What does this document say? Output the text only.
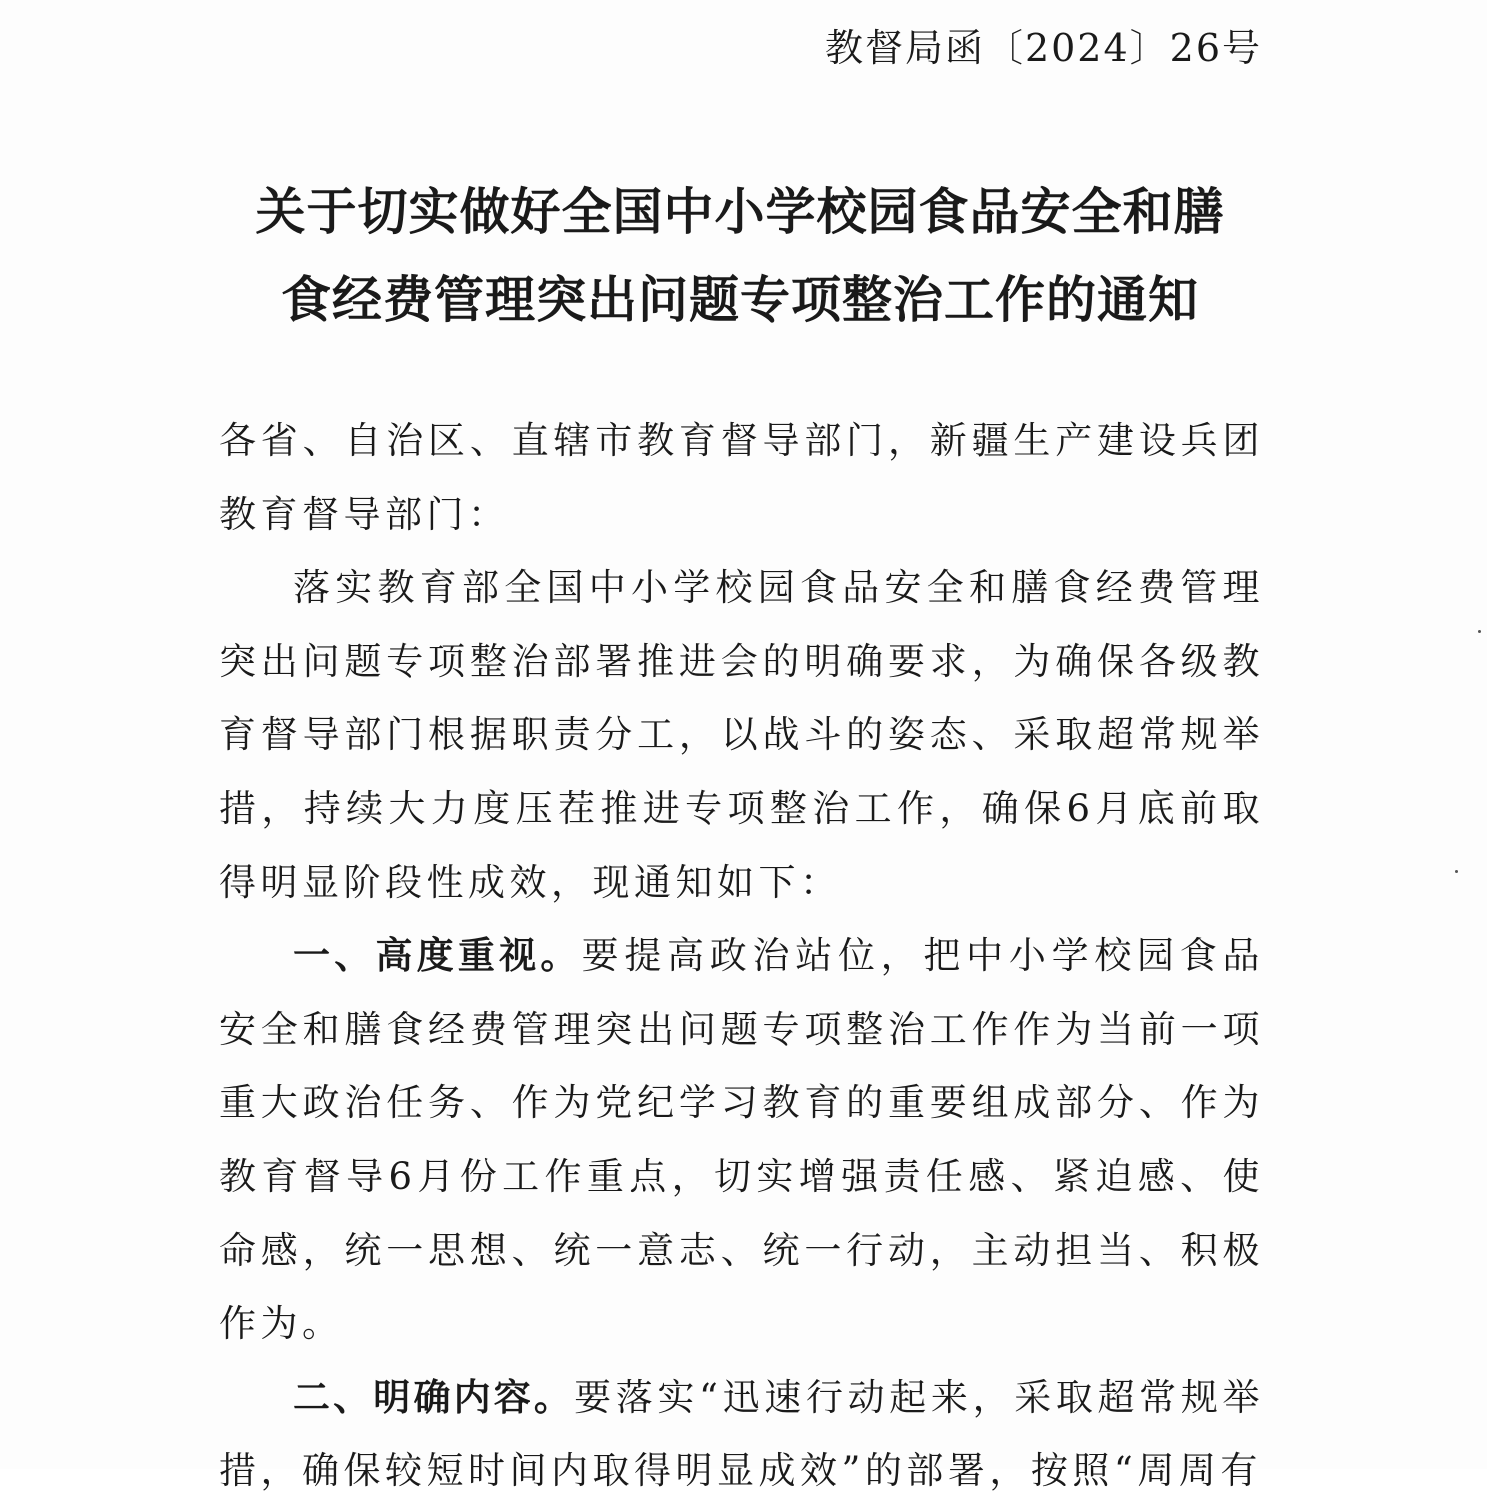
教督局函〔2024〕26号
关于切实做好全国中小学校园食品安全和膳
食经费管理突出问题专项整治工作的通知

各省、自治区、直辖市教育督导部门，新疆生产建设兵团教育督导部门：

落实教育部全国中小学校园食品安全和膳食经费管理突出问题专项整治部署推进会的明确要求，为确保各级教育督导部门根据职责分工，以战斗的姿态、采取超常规举措，持续大力度压茬推进专项整治工作，确保6月底前取得明显阶段性成效，现通知如下：

一、高度重视。要提高政治站位，把中小学校园食品安全和膳食经费管理突出问题专项整治工作作为当前一项重大政治任务、作为党纪学习教育的重要组成部分、作为教育督导6月份工作重点，切实增强责任感、紧迫感、使命感，统一思想、统一意志、统一行动，主动担当、积极作为。

二、明确内容。要落实“迅速行动起来，采取超常规举措，确保较短时间内取得明显成效”的部署，按照“周周有
